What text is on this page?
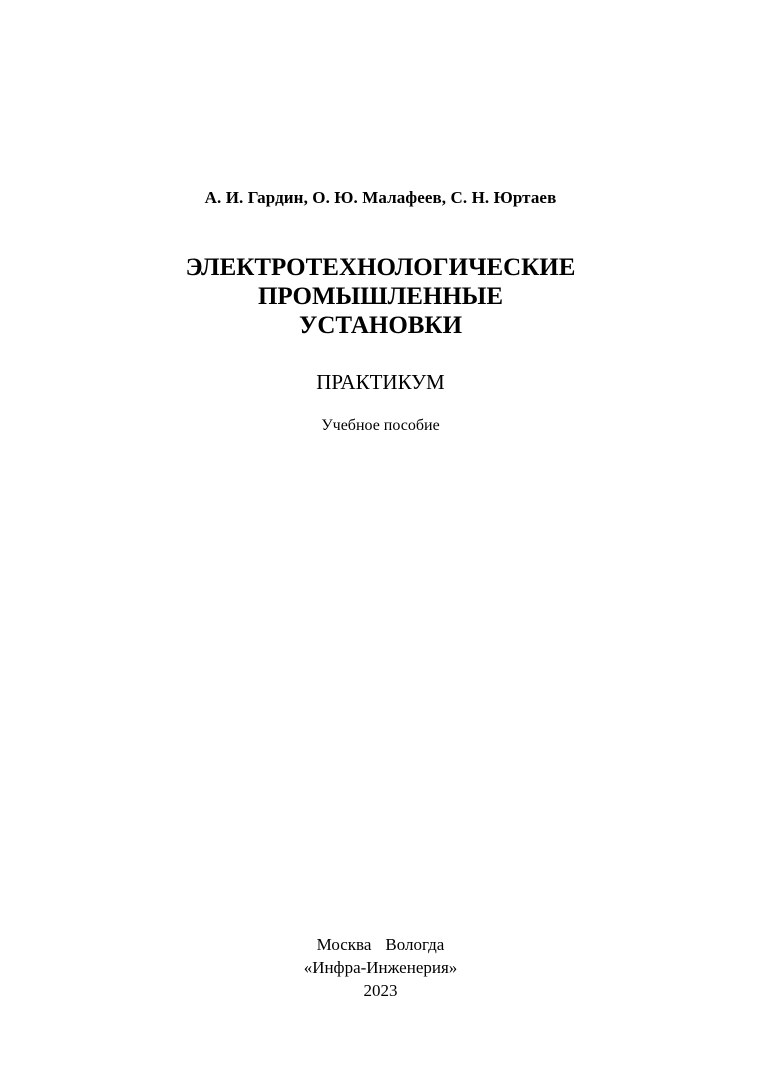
А. И. Гардин, О. Ю. Малафеев, С. Н. Юртаев
ЭЛЕКТРОТЕХНОЛОГИЧЕСКИЕ
ПРОМЫШЛЕННЫЕ
УСТАНОВКИ
ПРАКТИКУМ
Учебное пособие
Москва Вологда
«Инфра-Инженерия»
2023
